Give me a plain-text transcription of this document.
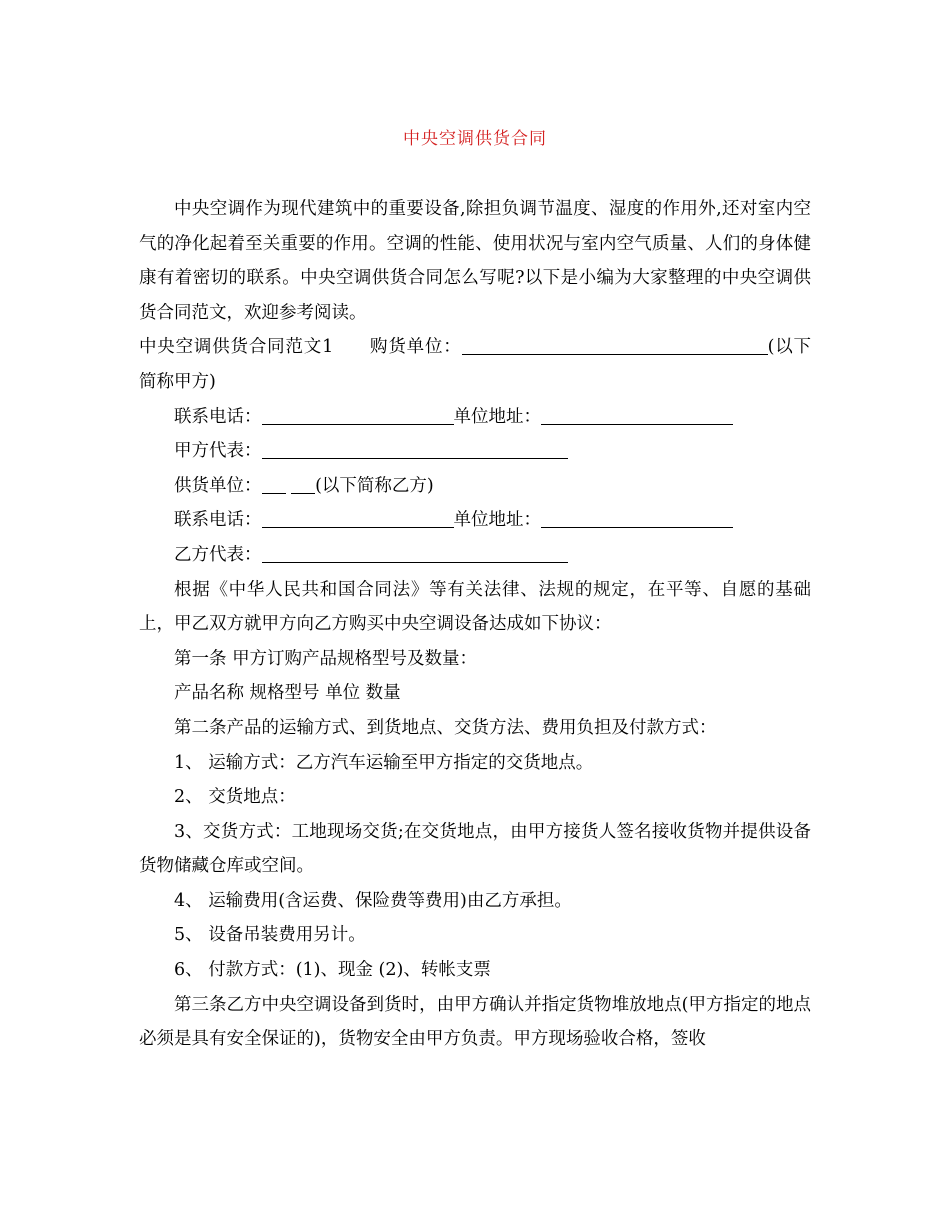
中央空调供货合同

中央空调作为现代建筑中的重要设备,除担负调节温度、湿度的作用外,还对室内空气的净化起着至关重要的作用。空调的性能、使用状况与室内空气质量、人们的身体健康有着密切的联系。中央空调供货合同怎么写呢?以下是小编为大家整理的中央空调供货合同范文，欢迎参考阅读。

中央空调供货合同范文1 购货单位：	(以下简称甲方)

联系电话：	单位地址：

甲方代表：

供货单位：	(以下简称乙方)

联系电话：	单位地址：

乙方代表：

根据《中华人民共和国合同法》等有关法律、法规的规定，在平等、自愿的基础上，甲乙双方就甲方向乙方购买中央空调设备达成如下协议：

第一条 甲方订购产品规格型号及数量：

产品名称 规格型号 单位 数量

第二条产品的运输方式、到货地点、交货方法、费用负担及付款方式：

1、 运输方式：乙方汽车运输至甲方指定的交货地点。

2、 交货地点：

3、交货方式：工地现场交货;在交货地点，由甲方接货人签名接收货物并提供设备货物储藏仓库或空间。

4、 运输费用(含运费、保险费等费用)由乙方承担。

5、 设备吊装费用另计。

6、 付款方式：(1)、现金 (2)、转帐支票

第三条乙方中央空调设备到货时，由甲方确认并指定货物堆放地点(甲方指定的地点必须是具有安全保证的)，货物安全由甲方负责。甲方现场验收合格，签收
